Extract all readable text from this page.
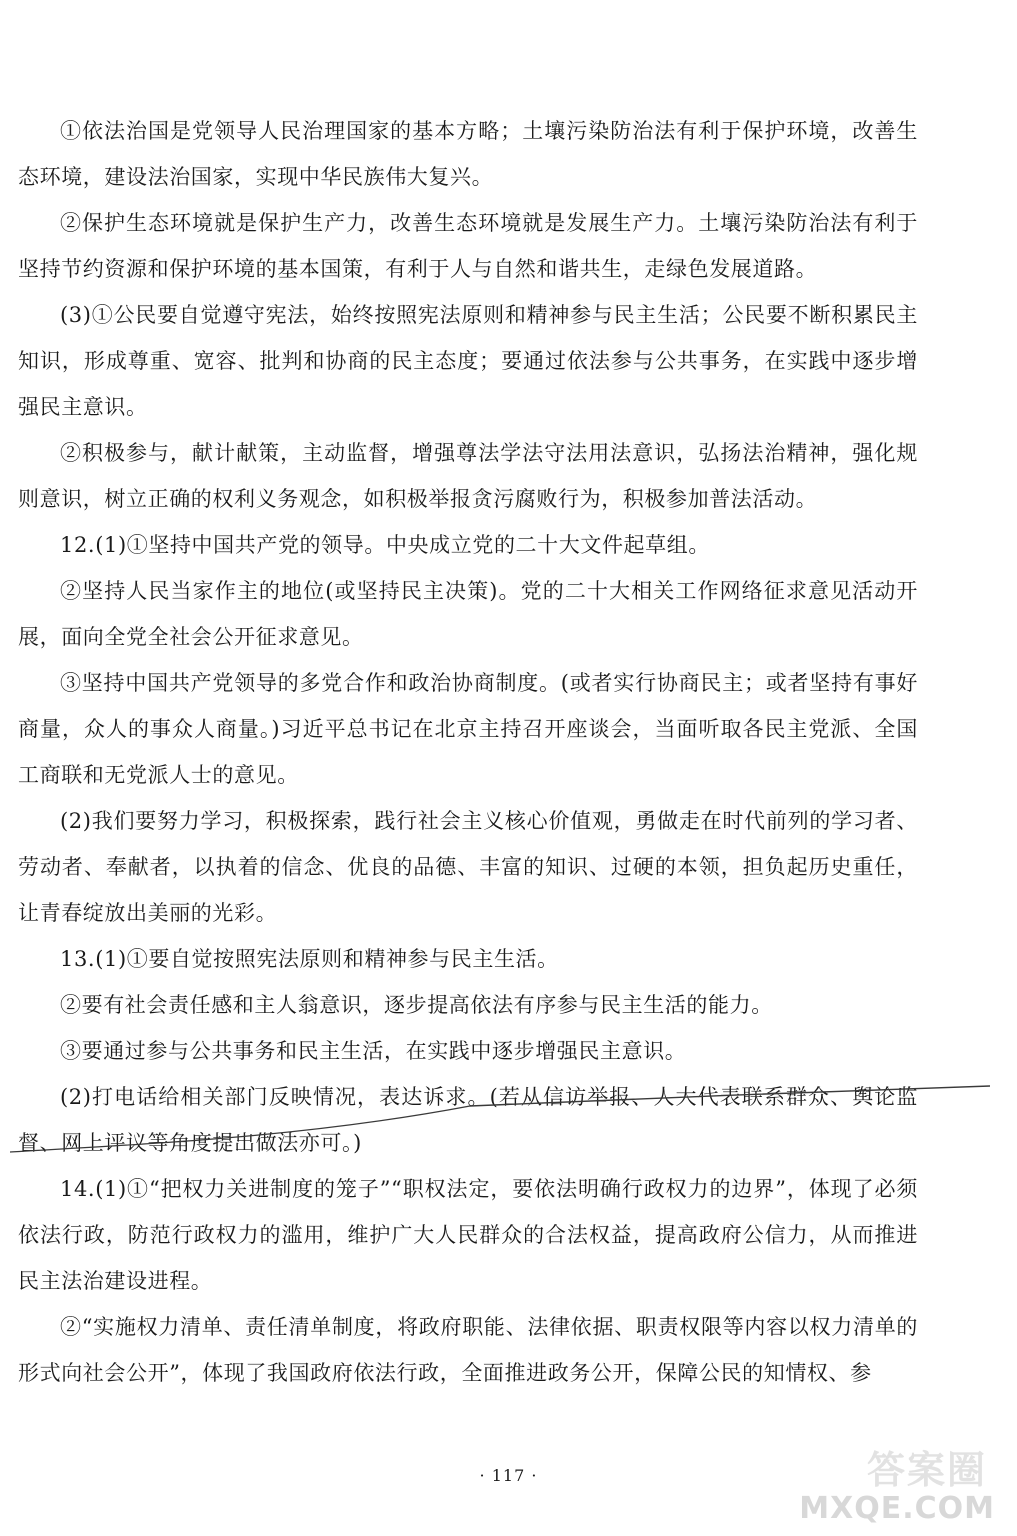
①依法治国是党领导人民治理国家的基本方略；土壤污染防治法有利于保护环境，改善生态环境，建设法治国家，实现中华民族伟大复兴。

②保护生态环境就是保护生产力，改善生态环境就是发展生产力。土壤污染防治法有利于坚持节约资源和保护环境的基本国策，有利于人与自然和谐共生，走绿色发展道路。

(3)①公民要自觉遵守宪法，始终按照宪法原则和精神参与民主生活；公民要不断积累民主知识，形成尊重、宽容、批判和协商的民主态度；要通过依法参与公共事务，在实践中逐步增强民主意识。

②积极参与，献计献策，主动监督，增强尊法学法守法用法意识，弘扬法治精神，强化规则意识，树立正确的权利义务观念，如积极举报贪污腐败行为，积极参加普法活动。

12.(1)①坚持中国共产党的领导。中央成立党的二十大文件起草组。

②坚持人民当家作主的地位(或坚持民主决策)。党的二十大相关工作网络征求意见活动开展，面向全党全社会公开征求意见。

③坚持中国共产党领导的多党合作和政治协商制度。(或者实行协商民主；或者坚持有事好商量，众人的事众人商量。)习近平总书记在北京主持召开座谈会，当面听取各民主党派、全国工商联和无党派人士的意见。

(2)我们要努力学习，积极探索，践行社会主义核心价值观，勇做走在时代前列的学习者、劳动者、奉献者，以执着的信念、优良的品德、丰富的知识、过硬的本领，担负起历史重任，让青春绽放出美丽的光彩。

13.(1)①要自觉按照宪法原则和精神参与民主生活。

②要有社会责任感和主人翁意识，逐步提高依法有序参与民主生活的能力。

③要通过参与公共事务和民主生活，在实践中逐步增强民主意识。

(2)打电话给相关部门反映情况，表达诉求。(若从信访举报、人大代表联系群众、舆论监督、网上评议等角度提出做法亦可。)

14.(1)①“把权力关进制度的笼子”“职权法定，要依法明确行政权力的边界”，体现了必须依法行政，防范行政权力的滥用，维护广大人民群众的合法权益，提高政府公信力，从而推进民主法治建设进程。

②“实施权力清单、责任清单制度，将政府职能、法律依据、职责权限等内容以权力清单的形式向社会公开”，体现了我国政府依法行政，全面推进政务公开，保障公民的知情权、参

· 117 ·	答案圈
MXQE.COM
